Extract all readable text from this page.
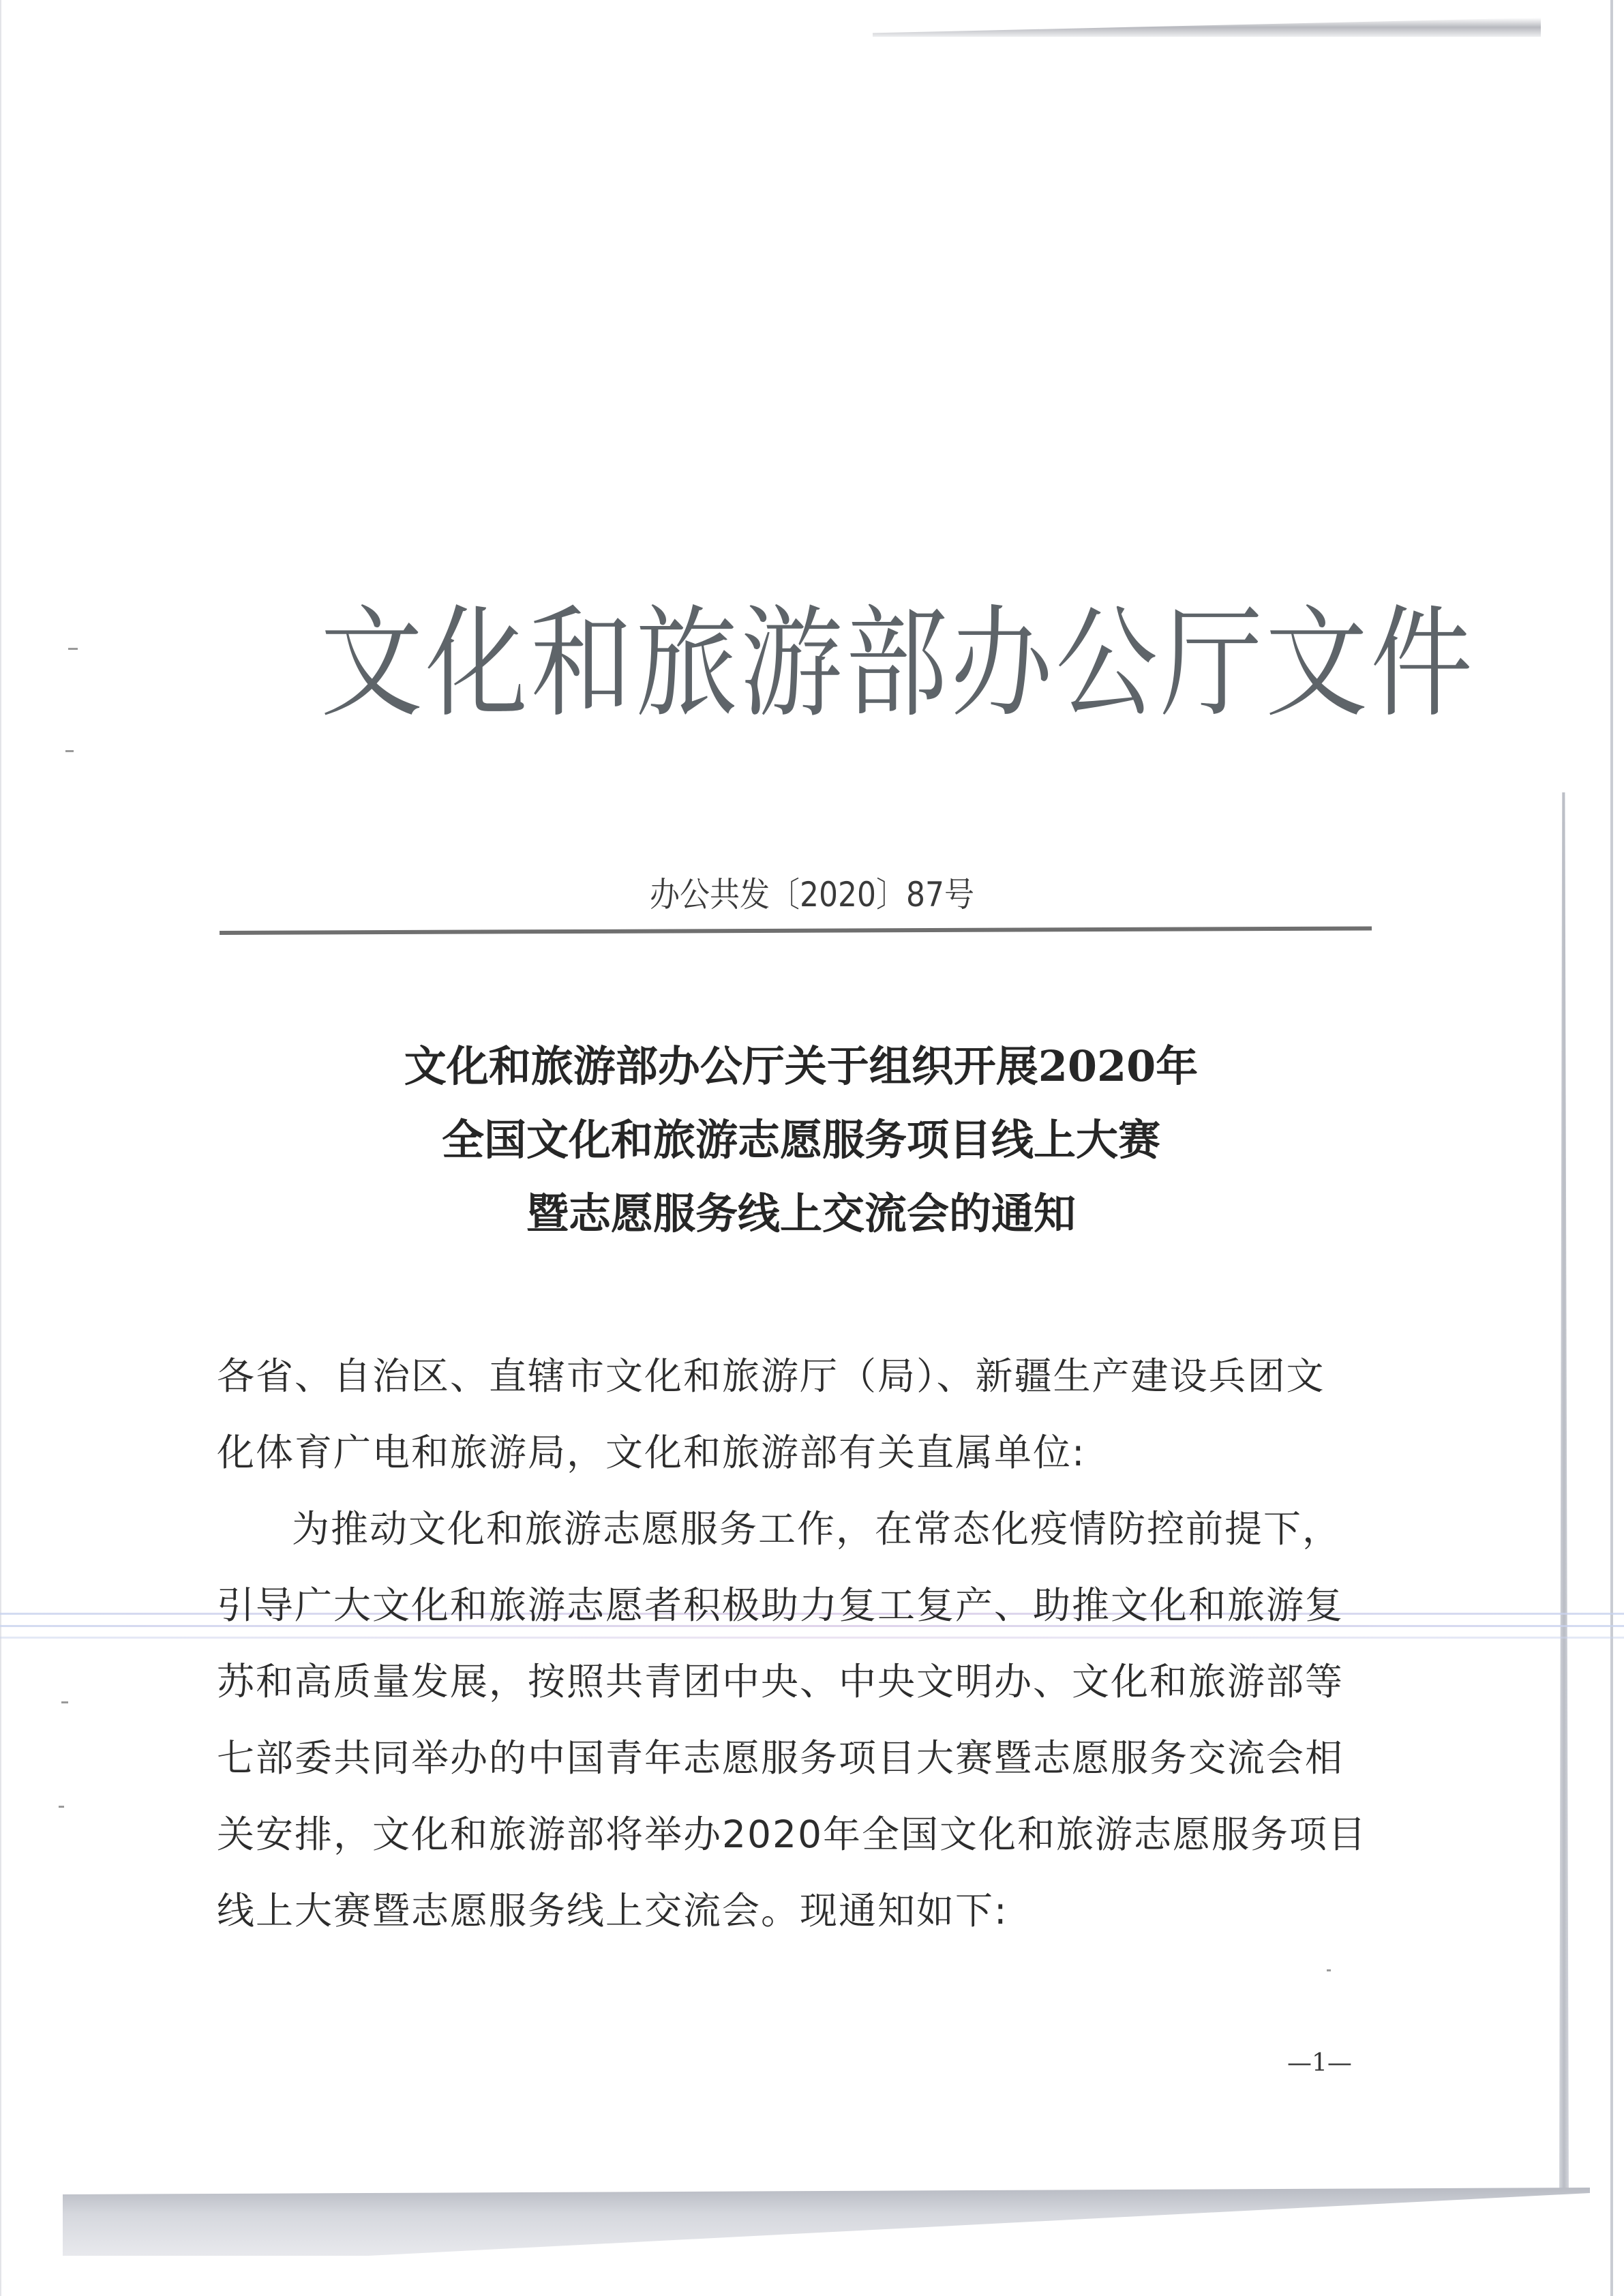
文化和旅游部办公厅文件
办公共发〔2020〕87号
文化和旅游部办公厅关于组织开展2020年
全国文化和旅游志愿服务项目线上大赛
暨志愿服务线上交流会的通知
各省、自治区、直辖市文化和旅游厅（局）、新疆生产建设兵团文
化体育广电和旅游局，文化和旅游部有关直属单位:
为推动文化和旅游志愿服务工作，在常态化疫情防控前提下，
引导广大文化和旅游志愿者积极助力复工复产、助推文化和旅游复
苏和高质量发展，按照共青团中央、中央文明办、文化和旅游部等
七部委共同举办的中国青年志愿服务项目大赛暨志愿服务交流会相
关安排，文化和旅游部将举办2020年全国文化和旅游志愿服务项目
线上大赛暨志愿服务线上交流会。现通知如下:
—1—
